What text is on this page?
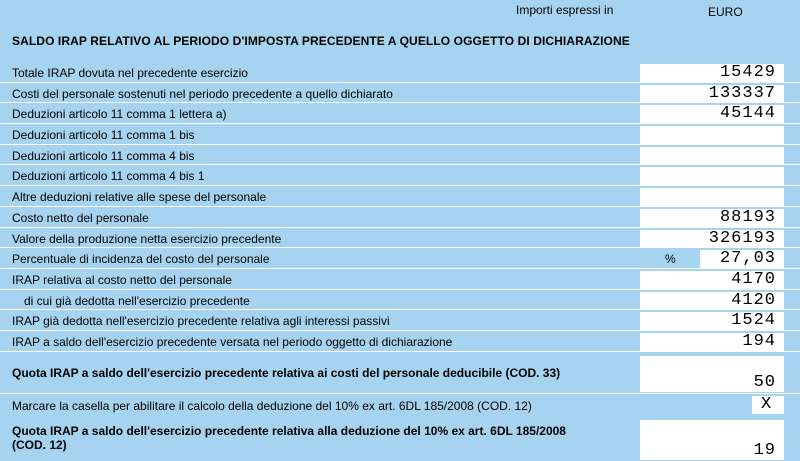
Importi espressi in	EURO
SALDO IRAP RELATIVO AL PERIODO D'IMPOSTA PRECEDENTE A QUELLO OGGETTO DI DICHIARAZIONE
Totale IRAP dovuta nel precedente esercizio	15429
Costi del personale sostenuti nel periodo precedente a quello dichiarato	133337
Deduzioni articolo 11 comma 1 lettera a)	45144
Deduzioni articolo 11 comma 1 bis
Deduzioni articolo 11 comma 4 bis
Deduzioni articolo 11 comma 4 bis 1
Altre deduzioni relative alle spese del personale
Costo netto del personale	88193
Valore della produzione netta esercizio precedente	326193
Percentuale di incidenza del costo del personale	%	27,03
IRAP relativa al costo netto del personale	4170
di cui già dedotta nell'esercizio precedente	4120
IRAP già dedotta nell'esercizio precedente relativa agli interessi passivi	1524
IRAP a saldo dell'esercizio precedente versata nel periodo oggetto di dichiarazione	194
Quota IRAP a saldo dell'esercizio precedente relativa ai costi del personale deducibile (COD. 33)	50
Marcare la casella per abilitare il calcolo della deduzione del 10% ex art. 6DL 185/2008 (COD. 12)	X
Quota IRAP a saldo dell'esercizio precedente relativa alla deduzione del 10% ex art. 6DL 185/2008
(COD. 12)	19
